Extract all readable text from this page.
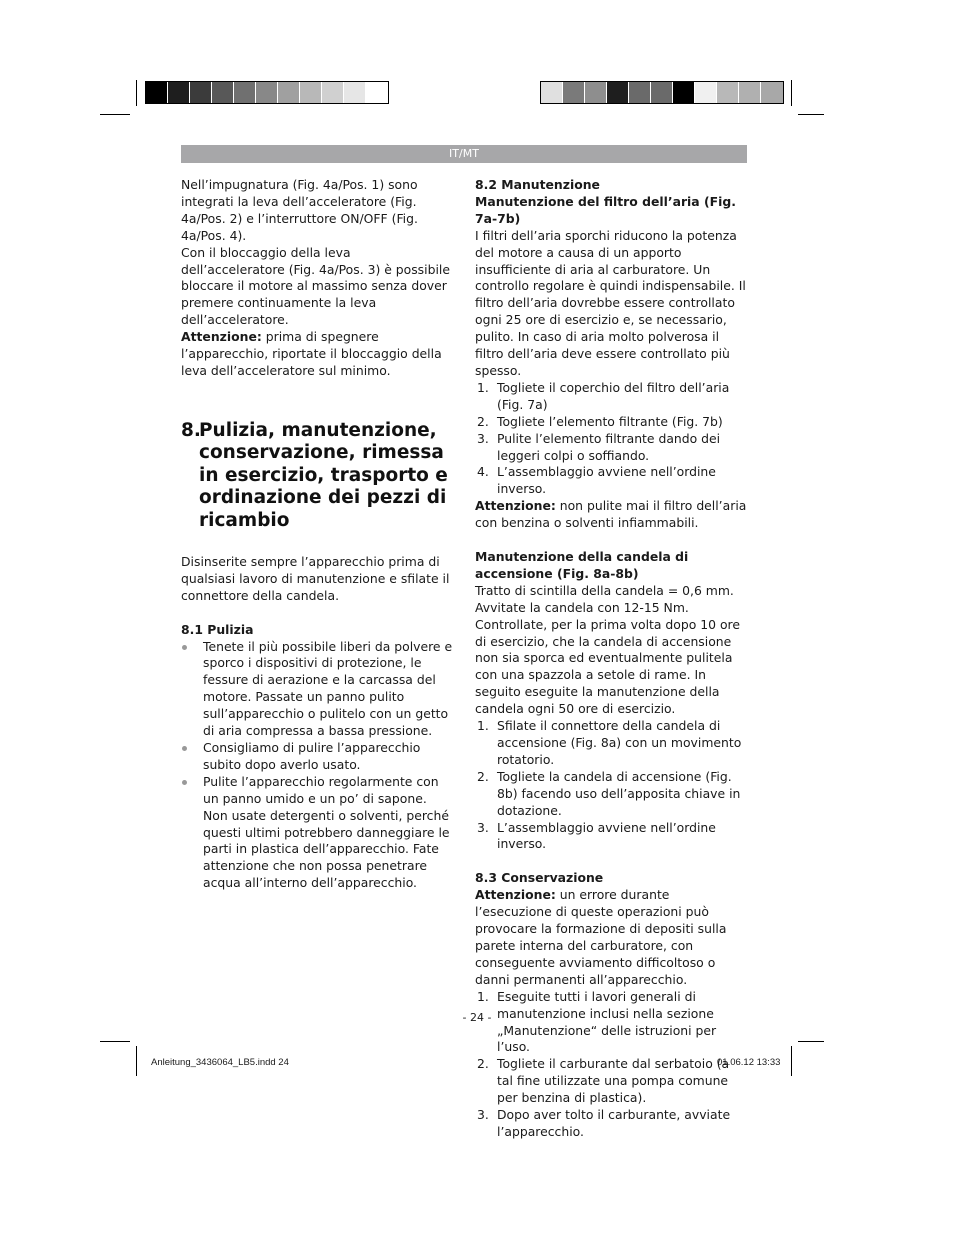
IT/MT

Nell’impugnatura (Fig. 4a/Pos. 1) sono integrati la leva dell’acceleratore (Fig. 4a/Pos. 2) e l’interruttore ON/OFF (Fig. 4a/Pos. 4).

Con il bloccaggio della leva dell’acceleratore (Fig. 4a/Pos. 3) è possibile bloccare il motore al massimo senza dover premere continuamente la leva dell’acceleratore.

Attenzione: prima di spegnere l’apparecchio, riportate il bloccaggio della leva dell’acceleratore sul minimo.

8.
Pulizia, manutenzione, conservazione, rimessa in esercizio, trasporto e ordinazione dei pezzi di ricambio

Disinserite sempre l’apparecchio prima di qualsiasi lavoro di manutenzione e sfilate il connettore della candela.

8.1 Pulizia

Tenete il più possibile liberi da polvere e sporco i dispositivi di protezione, le fessure di aerazione e la carcassa del motore. Passate un panno pulito sull’apparecchio o pulitelo con un getto di aria compressa a bassa pressione.
Consigliamo di pulire l’apparecchio subito dopo averlo usato.
Pulite l’apparecchio regolarmente con un panno umido e un po’ di sapone. Non usate detergenti o solventi, perché questi ultimi potrebbero danneggiare le parti in plastica dell’apparecchio. Fate attenzione che non possa penetrare acqua all’interno dell’apparecchio.

8.2 Manutenzione

Manutenzione del filtro dell’aria (Fig. 7a-7b)

I filtri dell’aria sporchi riducono la potenza del motore a causa di un apporto insufficiente di aria al carburatore. Un controllo regolare è quindi indispensabile. Il filtro dell’aria dovrebbe essere controllato ogni 25 ore di esercizio e, se necessario, pulito. In caso di aria molto polverosa il filtro dell’aria deve essere controllato più spesso.

1. Togliete il coperchio del filtro dell’aria (Fig. 7a)
2. Togliete l’elemento filtrante (Fig. 7b)
3. Pulite l’elemento filtrante dando dei leggeri colpi o soffiando.
4. L’assemblaggio avviene nell’ordine inverso.

Attenzione: non pulite mai il filtro dell’aria con benzina o solventi infiammabili.

Manutenzione della candela di accensione (Fig. 8a-8b)

Tratto di scintilla della candela = 0,6 mm. Avvitate la candela con 12-15 Nm. Controllate, per la prima volta dopo 10 ore di esercizio, che la candela di accensione non sia sporca ed eventualmente pulitela con una spazzola a setole di rame. In seguito eseguite la manutenzione della candela ogni 50 ore di esercizio.

1. Sfilate il connettore della candela di accensione (Fig. 8a) con un movimento rotatorio.
2. Togliete la candela di accensione (Fig. 8b) facendo uso dell’apposita chiave in dotazione.
3. L’assemblaggio avviene nell’ordine inverso.

8.3 Conservazione

Attenzione: un errore durante l’esecuzione di queste operazioni può provocare la formazione di depositi sulla parete interna del carburatore, con conseguente avviamento difficoltoso o danni permanenti all’apparecchio.

1. Eseguite tutti i lavori generali di manutenzione inclusi nella sezione „Manutenzione“ delle istruzioni per l’uso.
2. Togliete il carburante dal serbatoio (a tal fine utilizzate una pompa comune per benzina di plastica).
3. Dopo aver tolto il carburante, avviate l’apparecchio.
- 24 -
Anleitung_3436064_LB5.indd 24	01.06.12 13:33
